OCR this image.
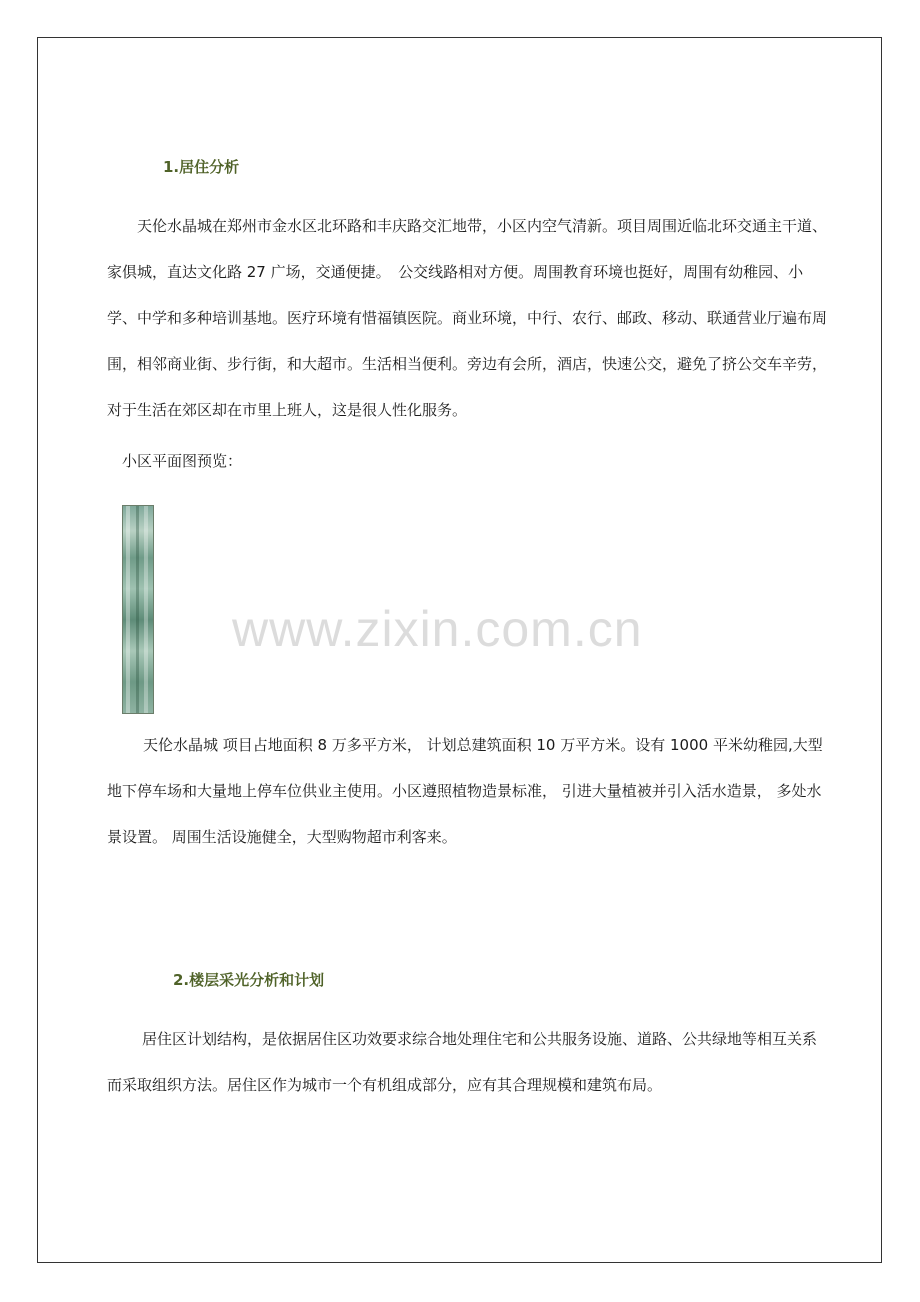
1.居住分析

天伦水晶城在郑州市金水区北环路和丰庆路交汇地带，小区内空气清新。项目周围近临北环交通主干道、家俱城，直达文化路 27 广场，交通便捷。　公交线路相对方便。周围教育环境也挺好，周围有幼稚园、小学、中学和多种培训基地。医疗环境有惜福镇医院。商业环境，中行、农行、邮政、移动、联通营业厅遍布周围，相邻商业街、步行街，和大超市。生活相当便利。旁边有会所，酒店，快速公交，避免了挤公交车辛劳，对于生活在郊区却在市里上班人，这是很人性化服务。

小区平面图预览：
www.zixin.com.cn

天伦水晶城 项目占地面积 8 万多平方米， 计划总建筑面积 10 万平方米。设有 1000 平米幼稚园,大型地下停车场和大量地上停车位供业主使用。小区遵照植物造景标准， 引进大量植被并引入活水造景， 多处水景设置。 周围生活设施健全，大型购物超市利客来。

2.楼层采光分析和计划

居住区计划结构，是依据居住区功效要求综合地处理住宅和公共服务设施、道路、公共绿地等相互关系而采取组织方法。居住区作为城市一个有机组成部分，应有其合理规模和建筑布局。
